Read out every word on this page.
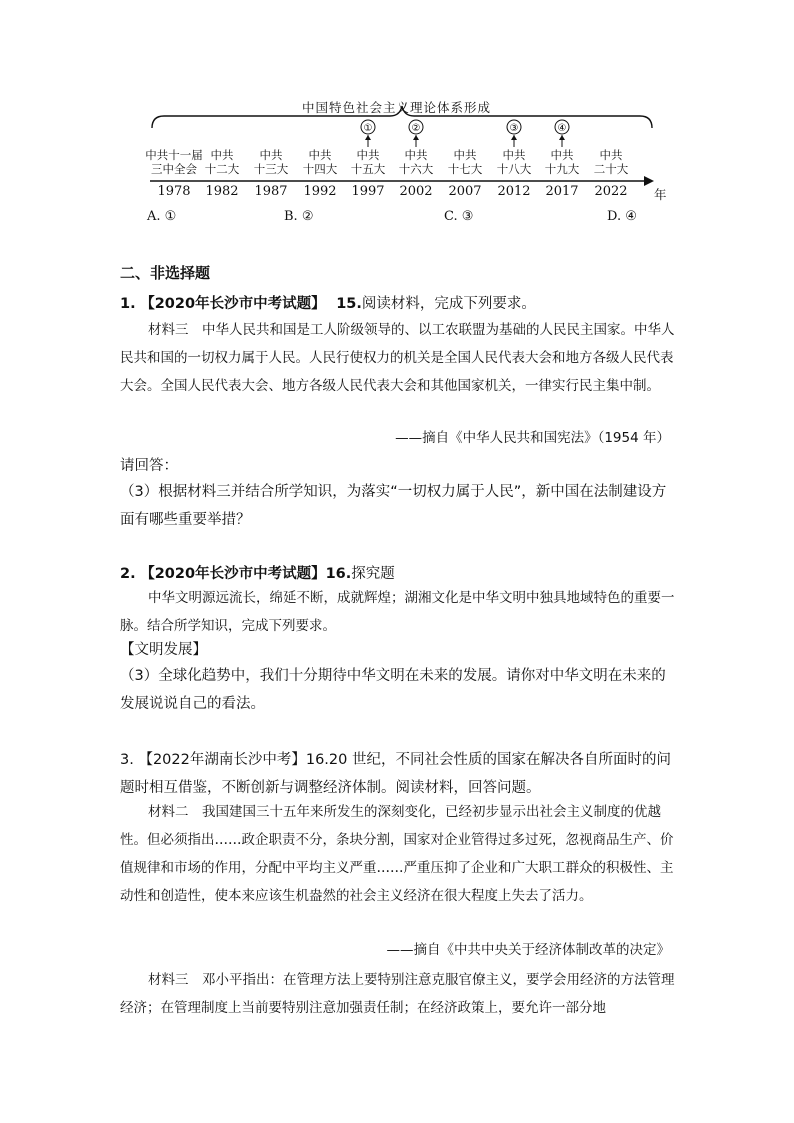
中国特色社会主义理论体系形成
①	②	③	④
中共十一届
三中全会
1978
中共
十二大
1982
中共
十三大
1987
中共
十四大
1992
中共
十五大
1997
中共
十六大
2002
中共
十七大
2007
中共
十八大
2012
中共
十九大
2017
中共
二十大
2022 年
A. ①	B. ②	C. ③	D. ④
二、非选择题
1. 【2020年长沙市中考试题】 15.阅读材料，完成下列要求。
材料三　中华人民共和国是工人阶级领导的、以工农联盟为基础的人民民主国家。中华人民共和国的一切权力属于人民。人民行使权力的机关是全国人民代表大会和地方各级人民代表大会。全国人民代表大会、地方各级人民代表大会和其他国家机关，一律实行民主集中制。
——摘自《中华人民共和国宪法》（1954 年）
请回答：
（3）根据材料三并结合所学知识，为落实“一切权力属于人民”，新中国在法制建设方面有哪些重要举措？
2. 【2020年长沙市中考试题】16.探究题
中华文明源远流长，绵延不断，成就辉煌；湖湘文化是中华文明中独具地域特色的重要一脉。结合所学知识，完成下列要求。
【文明发展】
（3）全球化趋势中，我们十分期待中华文明在未来的发展。请你对中华文明在未来的发展说说自己的看法。
3. 【2022年湖南长沙中考】16.20 世纪，不同社会性质的国家在解决各自所面时的问题时相互借鉴，不断创新与调整经济体制。阅读材料，回答问题。
材料二　我国建国三十五年来所发生的深刻变化，已经初步显示出社会主义制度的优越性。但必须指出……政企职责不分，条块分割，国家对企业管得过多过死，忽视商品生产、价值规律和市场的作用，分配中平均主义严重……严重压抑了企业和广大职工群众的积极性、主动性和创造性，使本来应该生机盎然的社会主义经济在很大程度上失去了活力。
——摘自《中共中央关于经济体制改革的决定》
材料三　邓小平指出：在管理方法上要特别注意克服官僚主义，要学会用经济的方法管理经济；在管理制度上当前要特别注意加强责任制；在经济政策上，要允许一部分地
